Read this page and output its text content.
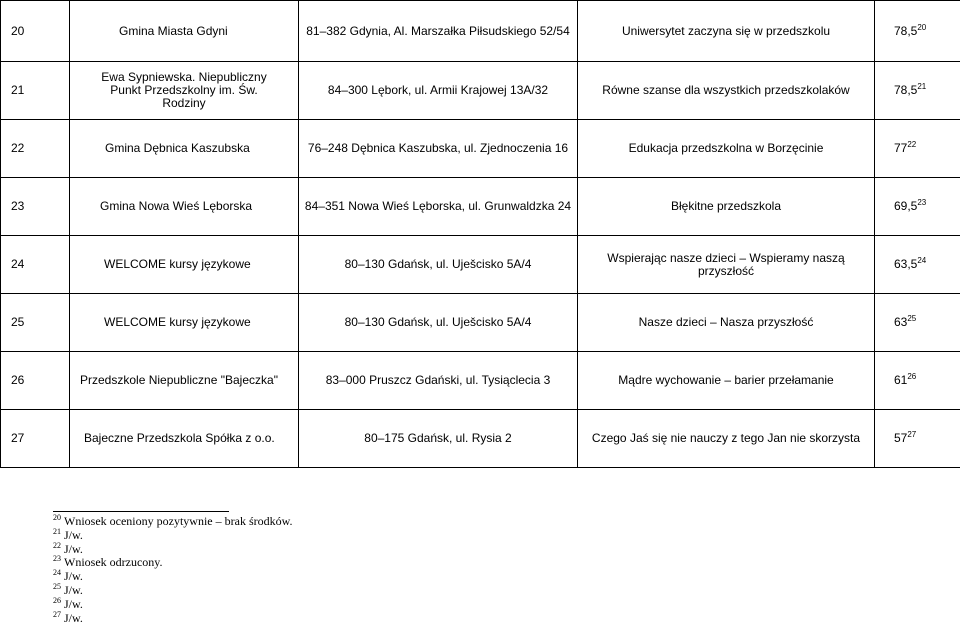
20	Gmina Miasta Gdyni	81–382 Gdynia, Al. Marszałka Piłsudskiego 52/54	Uniwersytet zaczyna się w przedszkolu	78,5$^{20}$
21	Ewa Sypniewska. Niepubliczny Punkt Przedszkolny im. Św. Rodziny	84–300 Lębork, ul. Armii Krajowej 13A/32	Równe szanse dla wszystkich przedszkolaków	78,5$^{21}$
22	Gmina Dębnica Kaszubska	76–248 Dębnica Kaszubska, ul. Zjednoczenia 16	Edukacja przedszkolna w Borzęcinie	$77^{22}$
23	Gmina Nowa Wieś Lęborska	84–351 Nowa Wieś Lęborska, ul. Grunwaldzka 24	Błękitne przedszkola	69,5$^{23}$
24	WELCOME kursy językowe	80–130 Gdańsk, ul. Uješcisko 5A/4	Wspierając nasze dzieci – Wspieramy naszą przyszłość	63,5$^{24}$
25	WELCOME kursy językowe	80–130 Gdańsk, ul. Uješcisko 5A/4	Nasze dzieci – Nasza przyszłość	$63^{25}$
26	Przedszkole Niepubliczne "Bajeczka"	83–000 Pruszcz Gdański, ul. Tysiąclecia 3	Mądre wychowanie – barier przełamanie	$61^{26}$
27	Bajeczne Przedszkola Spółka z o.o.	80–175 Gdańsk, ul. Rysia 2	Czego Jaś się nie nauczy z tego Jan nie skorzysta	$57^{27}$
$^{20}$ Wniosek oceniony pozytywnie – brak środków.
$^{21}$ J/w.
$^{22}$ J/w.
$^{23}$ Wniosek odrzucony.
$^{24}$ J/w.
$^{25}$ J/w.
$^{26}$ J/w.
$^{27}$ J/w.
